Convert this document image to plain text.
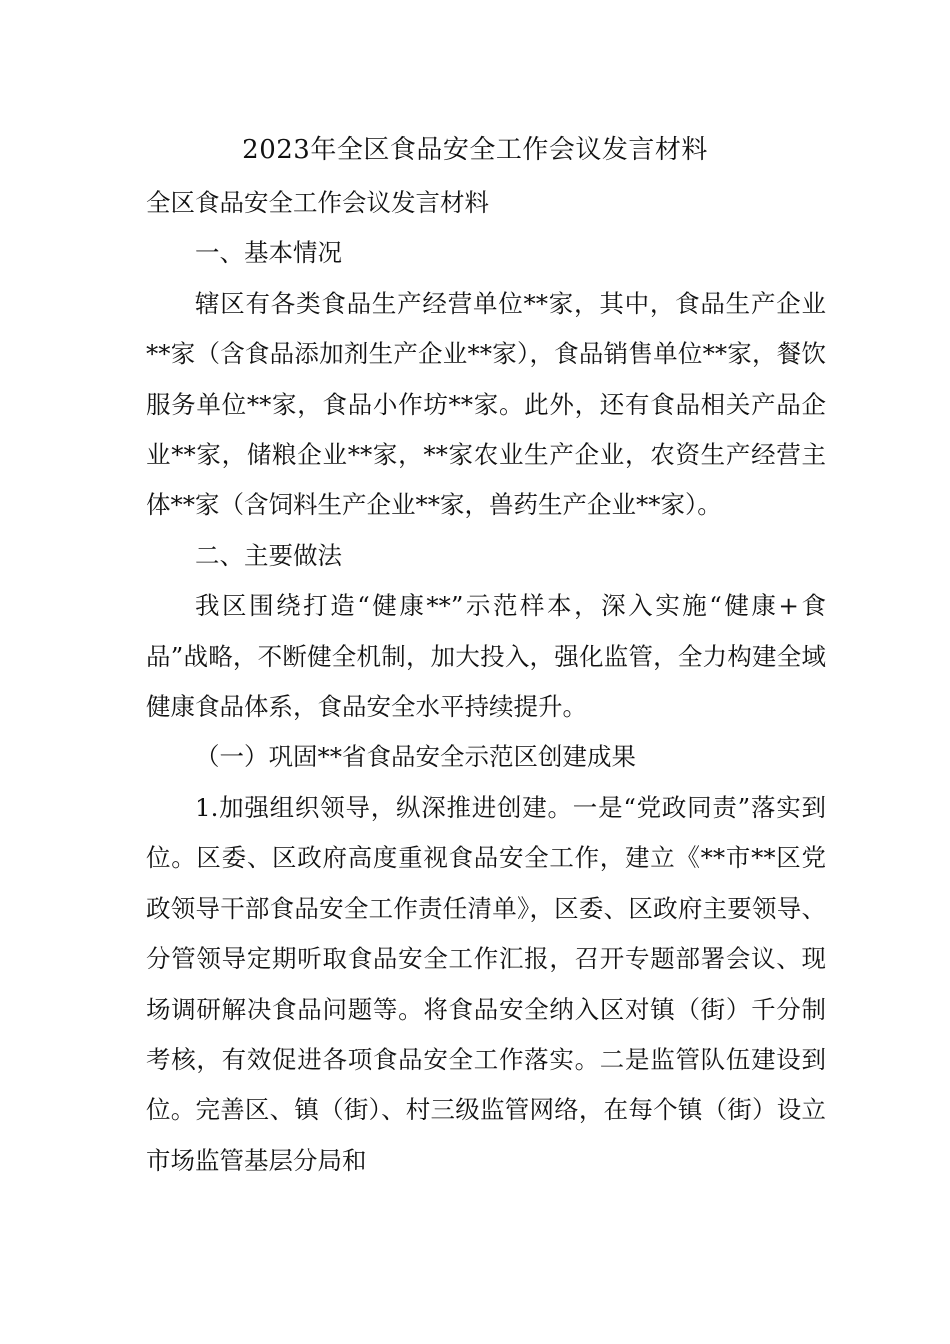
2023年全区食品安全工作会议发言材料

全区食品安全工作会议发言材料

一、基本情况

辖区有各类食品生产经营单位**家，其中，食品生产企业**家（含食品添加剂生产企业**家），食品销售单位**家，餐饮服务单位**家，食品小作坊**家。此外，还有食品相关产品企业**家，储粮企业**家，**家农业生产企业，农资生产经营主体**家（含饲料生产企业**家，兽药生产企业**家）。

二、主要做法

我区围绕打造“健康**”示范样本，深入实施“健康+食品”战略，不断健全机制，加大投入，强化监管，全力构建全域健康食品体系，食品安全水平持续提升。

（一）巩固**省食品安全示范区创建成果

1.加强组织领导，纵深推进创建。一是“党政同责”落实到位。区委、区政府高度重视食品安全工作，建立《**市**区党政领导干部食品安全工作责任清单》，区委、区政府主要领导、分管领导定期听取食品安全工作汇报，召开专题部署会议、现场调研解决食品问题等。将食品安全纳入区对镇（街）千分制考核，有效促进各项食品安全工作落实。二是监管队伍建设到位。完善区、镇（街）、村三级监管网络，在每个镇（街）设立市场监管基层分局和
